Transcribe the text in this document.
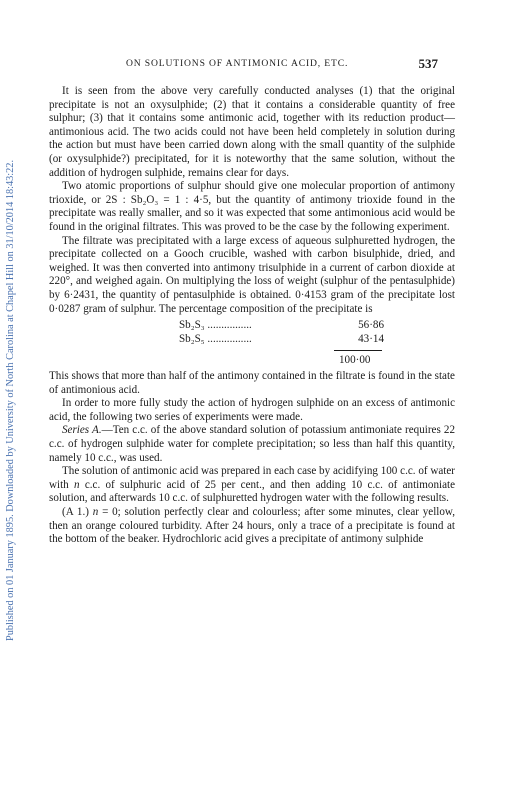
Published on 01 January 1895. Downloaded by University of North Carolina at Chapel Hill on 31/10/2014 18:43:22.
ON SOLUTIONS OF ANTIMONIC ACID, ETC.	537

It is seen from the above very carefully conducted analyses (1) that the original precipitate is not an oxysulphide; (2) that it contains a considerable quantity of free sulphur; (3) that it contains some antimonic acid, together with its reduction product—antimonious acid. The two acids could not have been held completely in solution during the action but must have been carried down along with the small quantity of the sulphide (or oxysulphide?) precipitated, for it is noteworthy that the same solution, without the addition of hydrogen sulphide, remains clear for days.

Two atomic proportions of sulphur should give one molecular proportion of antimony trioxide, or 2S : Sb₂O₃ = 1 : 4·5, but the quantity of antimony trioxide found in the precipitate was really smaller, and so it was expected that some antimonious acid would be found in the original filtrates. This was proved to be the case by the following experiment.

The filtrate was precipitated with a large excess of aqueous sulphuretted hydrogen, the precipitate collected on a Gooch crucible, washed with carbon bisulphide, dried, and weighed. It was then converted into antimony trisulphide in a current of carbon dioxide at 220°, and weighed again. On multiplying the loss of weight (sulphur of the pentasulphide) by 6·2431, the quantity of pentasulphide is obtained. 0·4153 gram of the precipitate lost 0·0287 gram of sulphur. The percentage composition of the precipitate is

Sb₂S₃ ................	56·86
Sb₂S₅ ................	43·14
100·00

This shows that more than half of the antimony contained in the filtrate is found in the state of antimonious acid.

In order to more fully study the action of hydrogen sulphide on an excess of antimonic acid, the following two series of experiments were made.

Series A.—Ten c.c. of the above standard solution of potassium antimoniate requires 22 c.c. of hydrogen sulphide water for complete precipitation; so less than half this quantity, namely 10 c.c., was used.

The solution of antimonic acid was prepared in each case by acidifying 100 c.c. of water with n c.c. of sulphuric acid of 25 per cent., and then adding 10 c.c. of antimoniate solution, and afterwards 10 c.c. of sulphuretted hydrogen water with the following results.

(A 1.) n = 0; solution perfectly clear and colourless; after some minutes, clear yellow, then an orange coloured turbidity. After 24 hours, only a trace of a precipitate is found at the bottom of the beaker. Hydrochloric acid gives a precipitate of antimony sulphide
